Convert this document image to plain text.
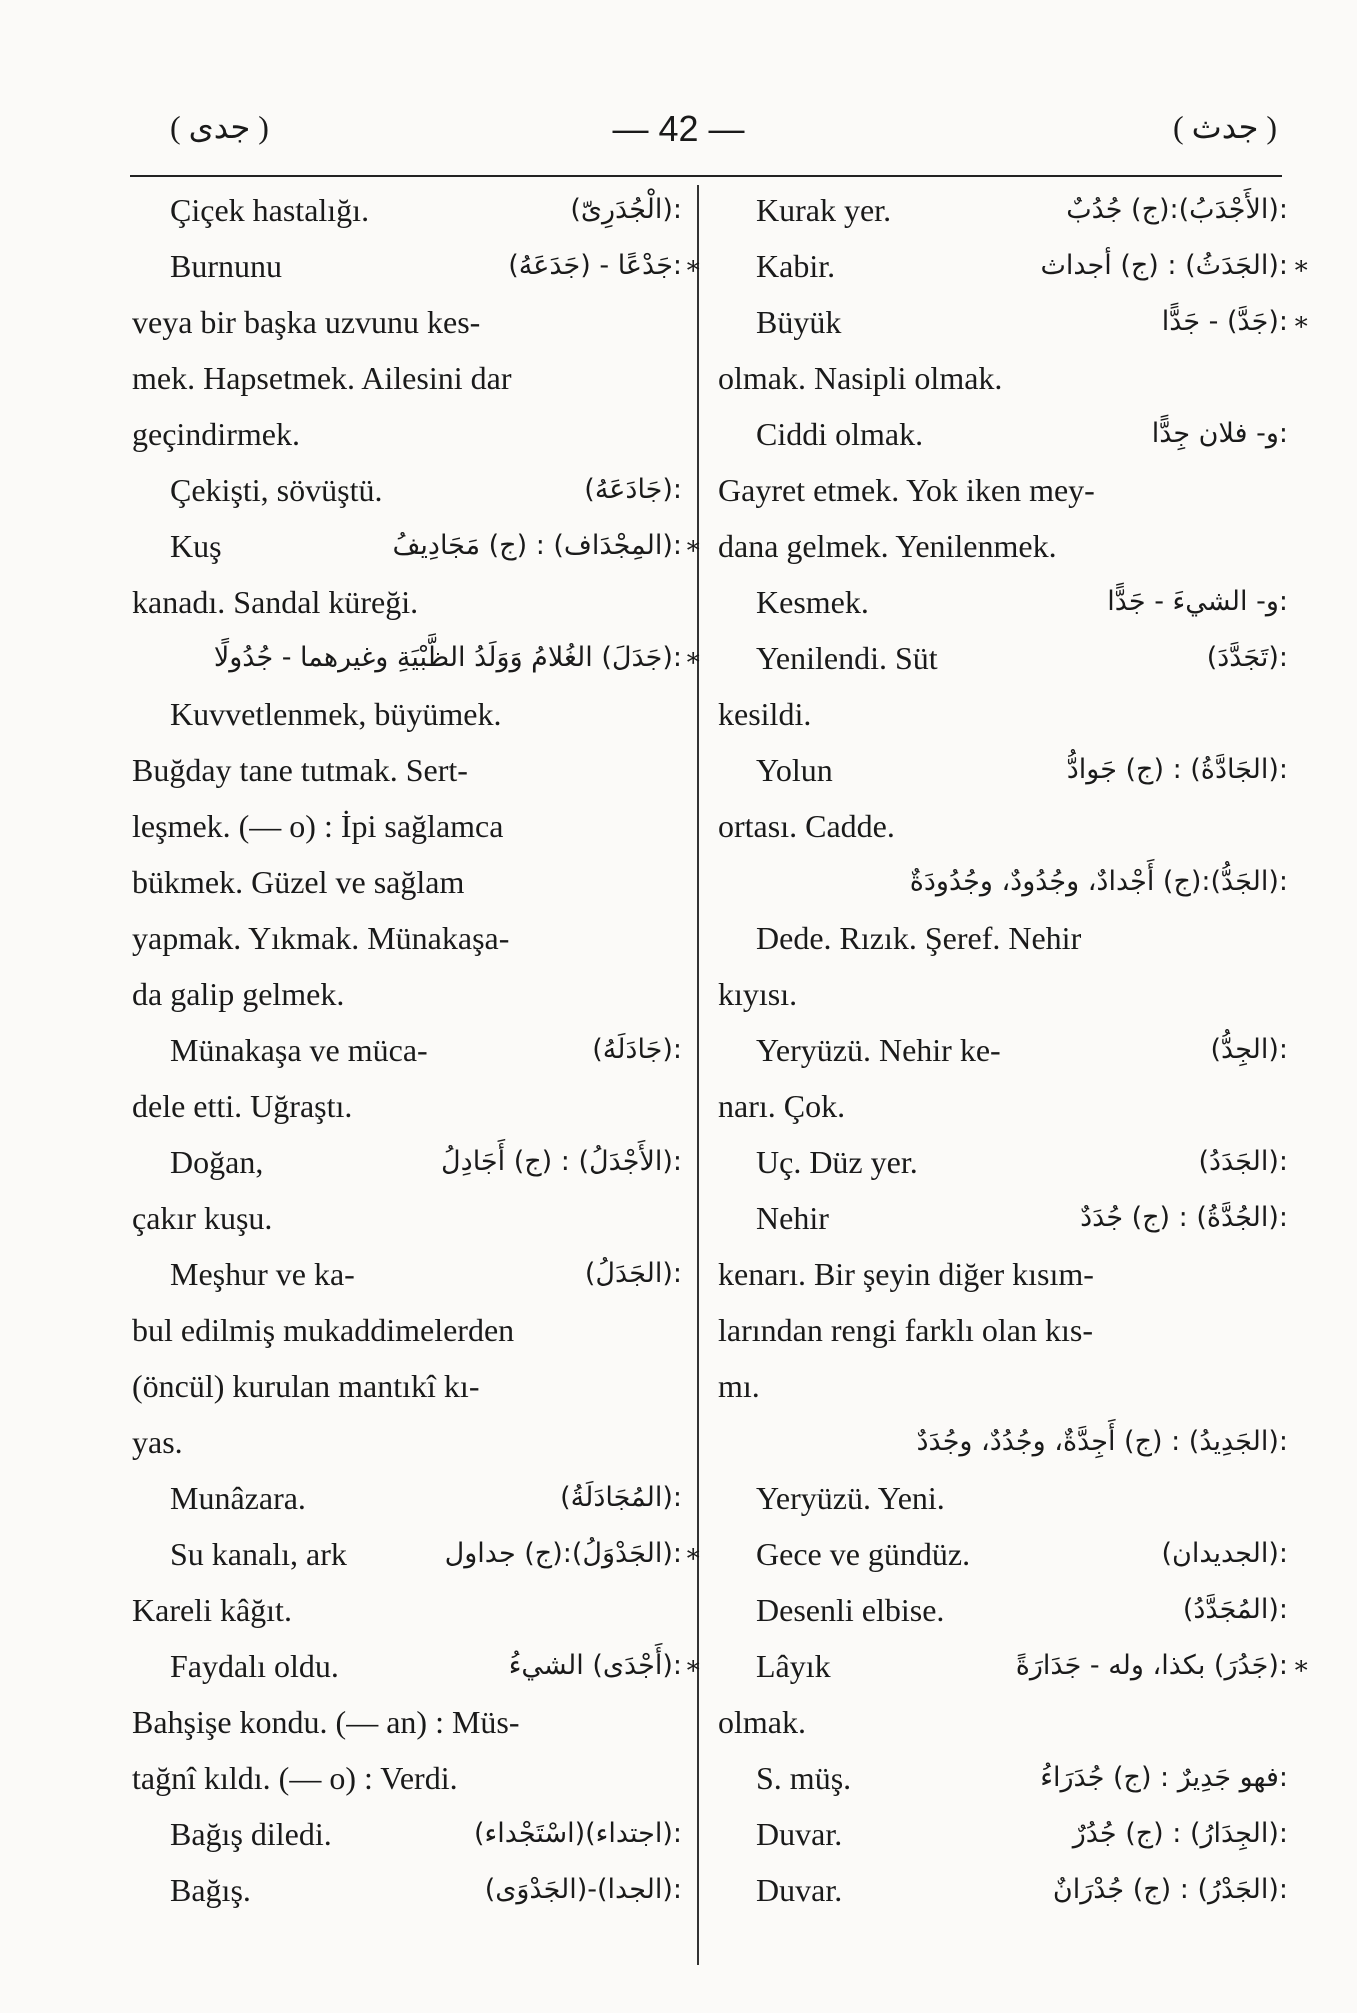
( جدى )	— 42 —	( جدث )
Çiçek hastalığı.	:(الْجُدَرِىّ)
Burnunu	:جَدْعًا - (جَدَعَهُ) ∗
veya bir başka uzvunu kes-
mek. Hapsetmek. Ailesini dar
geçindirmek.
Çekişti, sövüştü.	:(جَادَعَهُ)
Kuş	:(المِجْدَاف) : (ج) مَجَادِيفُ ∗
kanadı. Sandal küreği.
:(جَدَلَ) الغُلامُ وَوَلَدُ الظَّبْيَةِ وغيرهما - جُدُولًا ∗
Kuvvetlenmek, büyümek.
Buğday tane tutmak. Sert-
leşmek. (— o) : İpi sağlamca
bükmek. Güzel ve sağlam
yapmak. Yıkmak. Münakaşa-
da galip gelmek.
Münakaşa ve müca-	:(جَادَلَهُ)
dele etti. Uğraştı.
Doğan,	:(الأَجْدَلُ) : (ج) أَجَادِلُ
çakır kuşu.
Meşhur ve ka-	:(الجَدَلُ)
bul edilmiş mukaddimelerden
(öncül) kurulan mantıkî kı-
yas.
Munâzara.	:(المُجَادَلَةُ)
Su kanalı, ark	:(الجَدْوَلُ):(ج) جداول ∗
Kareli kâğıt.
Faydalı oldu.	:(أَجْدَى) الشيءُ ∗
Bahşişe kondu. (— an) : Müs-
tağnî kıldı. (— o) : Verdi.
Bağış diledi.	:(اجتداء)(اسْتَجْداء)
Bağış.	:(الجدا)-(الجَدْوَى)
Kurak yer.	:(الأَجْدَبُ):(ج) جُدُبٌ
Kabir.	:(الجَدَثُ) : (ج) أجداث ∗
Büyük	:(جَدَّ) - جَدًّا ∗
olmak. Nasipli olmak.
Ciddi olmak.	:و- فلان جِدًّا
Gayret etmek. Yok iken mey-
dana gelmek. Yenilenmek.
Kesmek.	:و- الشيءَ - جَدًّا
Yenilendi. Süt	:(تَجَدَّدَ)
kesildi.
Yolun	:(الجَادَّةُ) : (ج) جَوادُّ
ortası. Cadde.
:(الجَدُّ):(ج) أَجْدادٌ، وجُدُودٌ، وجُدُودَةٌ
Dede. Rızık. Şeref. Nehir
kıyısı.
Yeryüzü. Nehir ke-	:(الجِدُّ)
narı. Çok.
Uç. Düz yer.	:(الجَدَدُ)
Nehir	:(الجُدَّةُ) : (ج) جُدَدٌ
kenarı. Bir şeyin diğer kısım-
larından rengi farklı olan kıs-
mı.
:(الجَدِيدُ) : (ج) أَجِدَّةٌ، وجُدُدٌ، وجُدَدٌ
Yeryüzü. Yeni.
Gece ve gündüz.	:(الجديدان)
Desenli elbise.	:(المُجَدَّدُ)
Lâyık	:(جَدُرَ) بكذا، وله - جَدَارَةً ∗
olmak.
S. müş.	:فهو جَدِيرٌ : (ج) جُدَرَاءُ
Duvar.	:(الجِدَارُ) : (ج) جُدُرٌ
Duvar.	:(الجَدْرُ) : (ج) جُدْرَانٌ
